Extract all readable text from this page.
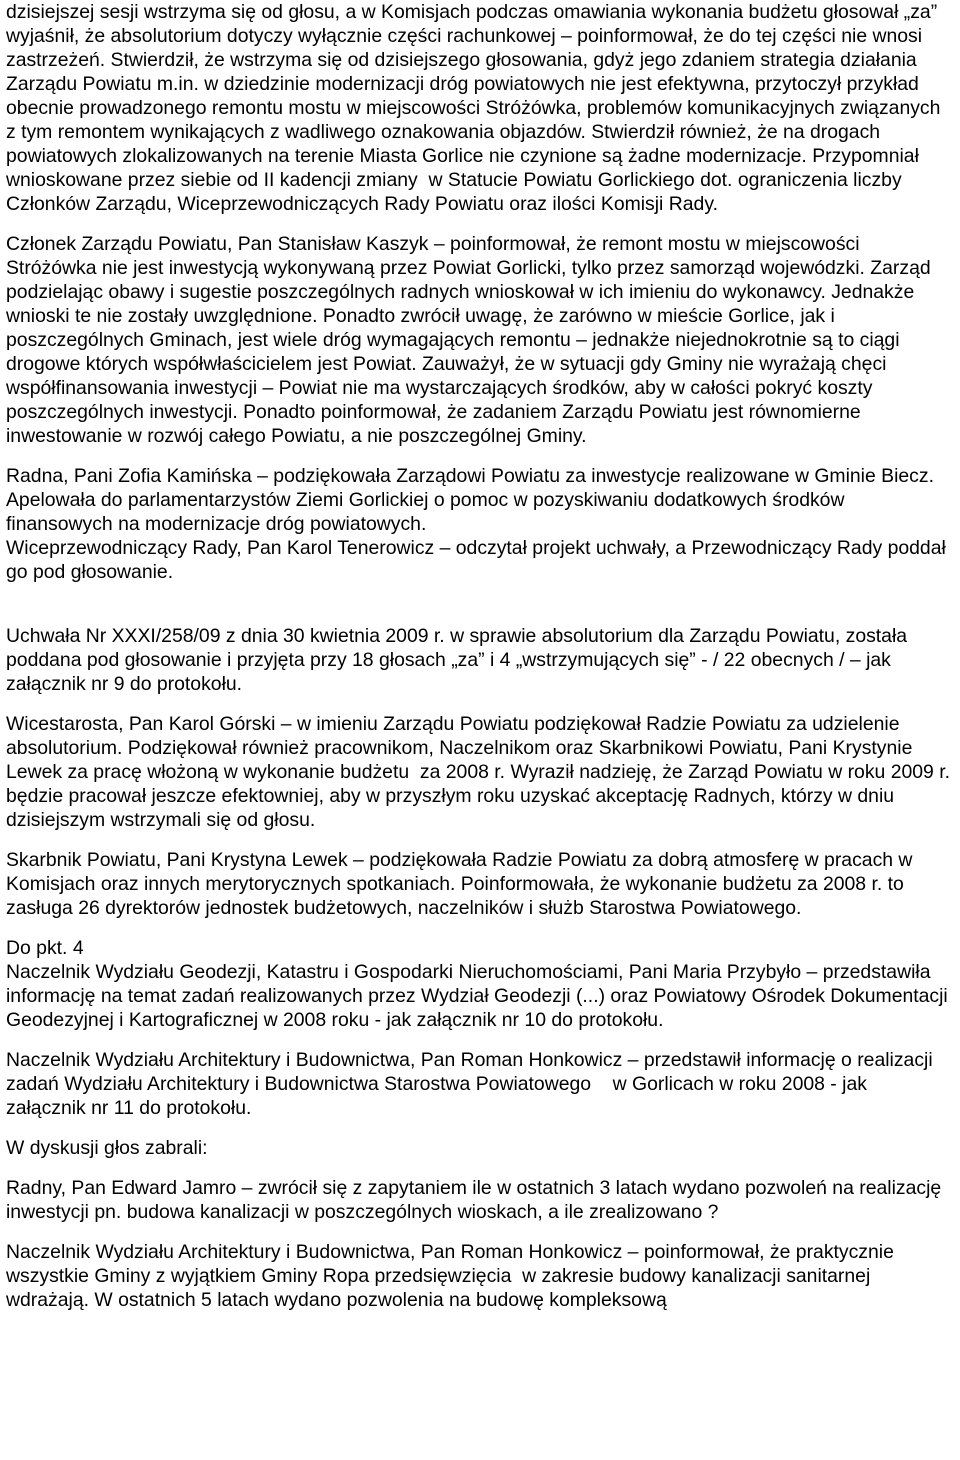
dzisiejszej sesji wstrzyma się od głosu, a w Komisjach podczas omawiania wykonania budżetu głosował „za” wyjaśnił, że absolutorium dotyczy wyłącznie części rachunkowej – poinformował, że do tej części nie wnosi zastrzeżeń. Stwierdził, że wstrzyma się od dzisiejszego głosowania, gdyż jego zdaniem strategia działania Zarządu Powiatu m.in. w dziedzinie modernizacji dróg powiatowych nie jest efektywna, przytoczył przykład obecnie prowadzonego remontu mostu w miejscowości Stróżówka, problemów komunikacyjnych związanych z tym remontem wynikających z wadliwego oznakowania objazdów. Stwierdził również, że na drogach powiatowych zlokalizowanych na terenie Miasta Gorlice nie czynione są żadne modernizacje. Przypomniał wnioskowane przez siebie od II kadencji zmiany  w Statucie Powiatu Gorlickiego dot. ograniczenia liczby Członków Zarządu, Wiceprzewodniczących Rady Powiatu oraz ilości Komisji Rady.

Członek Zarządu Powiatu, Pan Stanisław Kaszyk – poinformował, że remont mostu w miejscowości Stróżówka nie jest inwestycją wykonywaną przez Powiat Gorlicki, tylko przez samorząd wojewódzki. Zarząd podzielając obawy i sugestie poszczególnych radnych wnioskował w ich imieniu do wykonawcy. Jednakże wnioski te nie zostały uwzględnione. Ponadto zwrócił uwagę, że zarówno w mieście Gorlice, jak i poszczególnych Gminach, jest wiele dróg wymagających remontu – jednakże niejednokrotnie są to ciągi drogowe których współwłaścicielem jest Powiat. Zauważył, że w sytuacji gdy Gminy nie wyrażają chęci współfinansowania inwestycji – Powiat nie ma wystarczających środków, aby w całości pokryć koszty poszczególnych inwestycji. Ponadto poinformował, że zadaniem Zarządu Powiatu jest równomierne inwestowanie w rozwój całego Powiatu, a nie poszczególnej Gminy.

Radna, Pani Zofia Kamińska – podziękowała Zarządowi Powiatu za inwestycje realizowane w Gminie Biecz. Apelowała do parlamentarzystów Ziemi Gorlickiej o pomoc w pozyskiwaniu dodatkowych środków finansowych na modernizacje dróg powiatowych.

Wiceprzewodniczący Rady, Pan Karol Tenerowicz – odczytał projekt uchwały, a Przewodniczący Rady poddał go pod głosowanie.

Uchwała Nr XXXI/258/09 z dnia 30 kwietnia 2009 r. w sprawie absolutorium dla Zarządu Powiatu, została poddana pod głosowanie i przyjęta przy 18 głosach „za” i 4 „wstrzymujących się” - / 22 obecnych / – jak załącznik nr 9 do protokołu.

Wicestarosta, Pan Karol Górski – w imieniu Zarządu Powiatu podziękował Radzie Powiatu za udzielenie absolutorium. Podziękował również pracownikom, Naczelnikom oraz Skarbnikowi Powiatu, Pani Krystynie Lewek za pracę włożoną w wykonanie budżetu  za 2008 r. Wyraził nadzieję, że Zarząd Powiatu w roku 2009 r. będzie pracował jeszcze efektowniej, aby w przyszłym roku uzyskać akceptację Radnych, którzy w dniu dzisiejszym wstrzymali się od głosu.

Skarbnik Powiatu, Pani Krystyna Lewek – podziękowała Radzie Powiatu za dobrą atmosferę w pracach w Komisjach oraz innych merytorycznych spotkaniach. Poinformowała, że wykonanie budżetu za 2008 r. to zasługa 26 dyrektorów jednostek budżetowych, naczelników i służb Starostwa Powiatowego.

Do pkt. 4

Naczelnik Wydziału Geodezji, Katastru i Gospodarki Nieruchomościami, Pani Maria Przybyło – przedstawiła informację na temat zadań realizowanych przez Wydział Geodezji (...) oraz Powiatowy Ośrodek Dokumentacji Geodezyjnej i Kartograficznej w 2008 roku - jak załącznik nr 10 do protokołu.

Naczelnik Wydziału Architektury i Budownictwa, Pan Roman Honkowicz – przedstawił informację o realizacji zadań Wydziału Architektury i Budownictwa Starostwa Powiatowego    w Gorlicach w roku 2008 - jak załącznik nr 11 do protokołu.

W dyskusji głos zabrali:

Radny, Pan Edward Jamro – zwrócił się z zapytaniem ile w ostatnich 3 latach wydano pozwoleń na realizację inwestycji pn. budowa kanalizacji w poszczególnych wioskach, a ile zrealizowano ?

Naczelnik Wydziału Architektury i Budownictwa, Pan Roman Honkowicz – poinformował, że praktycznie wszystkie Gminy z wyjątkiem Gminy Ropa przedsięwzięcia  w zakresie budowy kanalizacji sanitarnej wdrażają. W ostatnich 5 latach wydano pozwolenia na budowę kompleksową
